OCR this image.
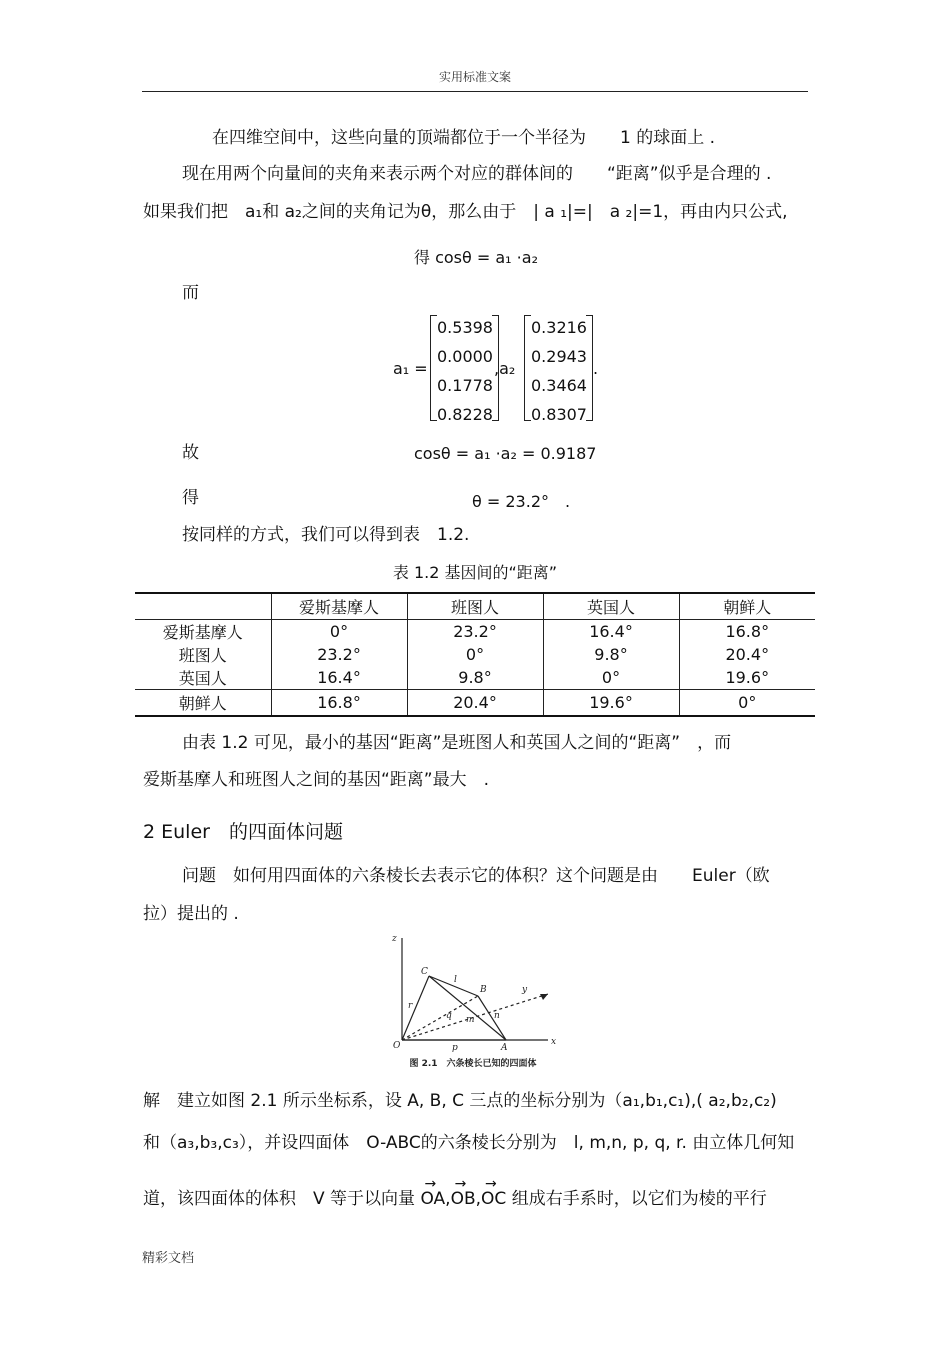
实用标准文案
在四维空间中，这些向量的顶端都位于一个半径为　　1 的球面上 .
现在用两个向量间的夹角来表示两个对应的群体间的　　“距离”似乎是合理的 .
如果我们把　a₁和 a₂之间的夹角记为θ，那么由于　| a ₁|=|　a ₂|=1，再由内只公式,
得 cosθ = a₁ ·a₂
而
a₁ =
0.5398
0.0000
0.1778
0.8228
,a₂
0.3216
0.2943
0.3464
0.8307
.
故	cosθ = a₁ ·a₂ = 0.9187
得	θ = 23.2°　.
按同样的方式，我们可以得到表　1.2.
表 1.2 基因间的“距离”
	爱斯基摩人	班图人	英国人	朝鲜人
爱斯基摩人	0°	23.2°	16.4°	16.8°
班图人	23.2°	0°	9.8°	20.4°
英国人	16.4°	9.8°	0°	19.6°
朝鲜人	16.8°	20.4°	19.6°	0°
由表 1.2 可见，最小的基因“距离”是班图人和英国人之间的“距离”　，而
爱斯基摩人和班图人之间的基因“距离”最大　.
2 Euler　的四面体问题
问题　如何用四面体的六条棱长去表示它的体积？这个问题是由　　Euler（欧
拉）提出的 .
z
x
y
O	A
B
C
l
m n
p
q
r
图 2.1　六条棱长已知的四面体
解　建立如图 2.1 所示坐标系，设 A, B, C 三点的坐标分别为（a₁,b₁,c₁),( a₂,b₂,c₂)
和（a₃,b₃,c₃），并设四面体　O-ABC的六条棱长分别为　l, m,n, p, q, r. 由立体几何知
道，该四面体的体积　V 等于以向量 → OA,→ OB,→ OC 组成右手系时，以它们为棱的平行
精彩文档
